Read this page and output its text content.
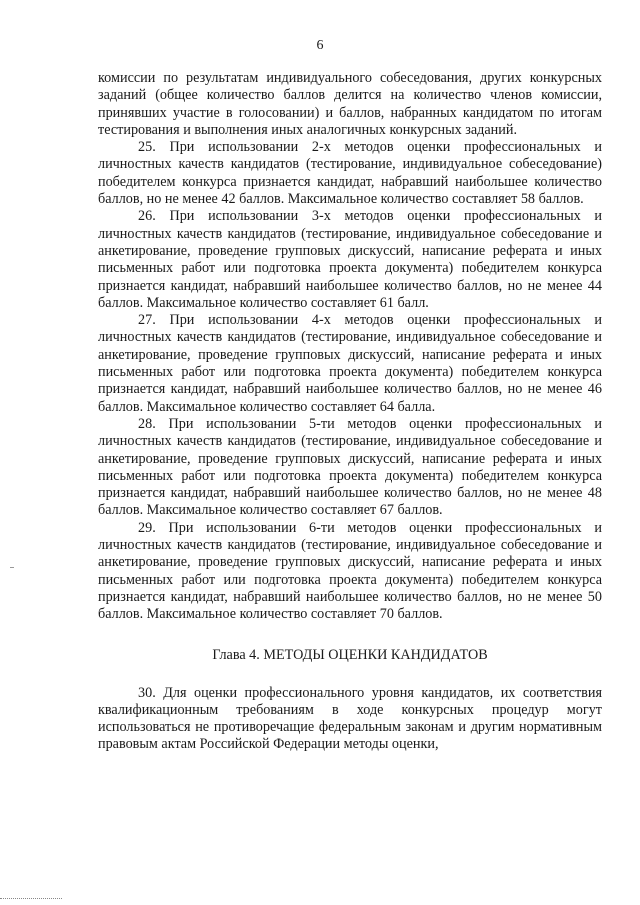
6

комиссии по результатам индивидуального собеседования, других конкурсных заданий (общее количество баллов делится на количество членов комиссии, принявших участие в голосовании) и баллов, набранных кандидатом по итогам тестирования и выполнения иных аналогичных конкурсных заданий.

25. При использовании 2-х методов оценки профессиональных и личностных качеств кандидатов (тестирование, индивидуальное собеседование) победителем конкурса признается кандидат, набравший наибольшее количество баллов, но не менее 42 баллов. Максимальное количество составляет 58 баллов.

26. При использовании 3-х методов оценки профессиональных и личностных качеств кандидатов (тестирование, индивидуальное собеседование и анкетирование, проведение групповых дискуссий, написание реферата и иных письменных работ или подготовка проекта документа) победителем конкурса признается кандидат, набравший наибольшее количество баллов, но не менее 44 баллов. Максимальное количество составляет 61 балл.

27. При использовании 4-х методов оценки профессиональных и личностных качеств кандидатов (тестирование, индивидуальное собеседование и анкетирование, проведение групповых дискуссий, написание реферата и иных письменных работ или подготовка проекта документа) победителем конкурса признается кандидат, набравший наибольшее количество баллов, но не менее 46 баллов. Максимальное количество составляет 64 балла.

28. При использовании 5-ти методов оценки профессиональных и личностных качеств кандидатов (тестирование, индивидуальное собеседование и анкетирование, проведение групповых дискуссий, написание реферата и иных письменных работ или подготовка проекта документа) победителем конкурса признается кандидат, набравший наибольшее количество баллов, но не менее 48 баллов. Максимальное количество составляет 67 баллов.

29. При использовании 6-ти методов оценки профессиональных и личностных качеств кандидатов (тестирование, индивидуальное собеседование и анкетирование, проведение групповых дискуссий, написание реферата и иных письменных работ или подготовка проекта документа) победителем конкурса признается кандидат, набравший наибольшее количество баллов, но не менее 50 баллов. Максимальное количество составляет 70 баллов.

Глава 4. МЕТОДЫ ОЦЕНКИ КАНДИДАТОВ

30. Для оценки профессионального уровня кандидатов, их соответствия квалификационным требованиям в ходе конкурсных процедур могут использоваться не противоречащие федеральным законам и другим нормативным правовым актам Российской Федерации методы оценки,
